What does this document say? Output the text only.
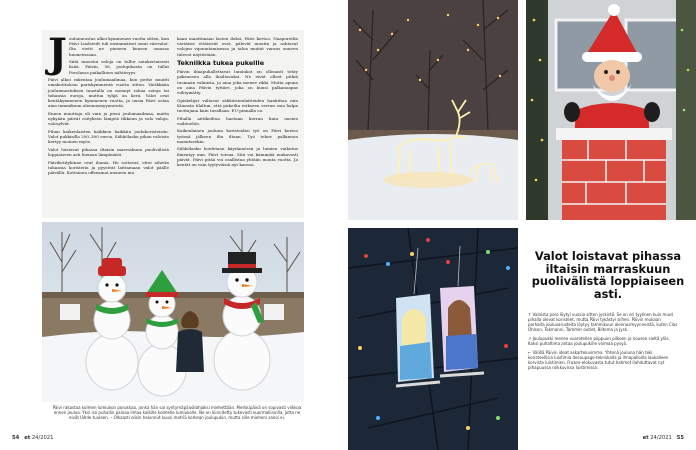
J ouluinnostus alkoi kymmenen vuotta sitten, kun Päivi Lindstedt tuli ensimmäiset omat värivalot. Ilta vietti ne pieneen kuusen omassa huoneessaan.

Siitä innostui valoja on tullut satakertaisesti lisää. Päivin, 56, joulupihasta on tullut Porolassa paikallinen nähtävyys.

Päivi alkoi rakentaa joulumaailmaa, kun perhe muutti omakotitaloon pariskymmentä vuotta sitten. Värikkään jouluinnostuksen taustalla on mennyt rahaa satoja tai tuhansia euroja, muttua tyhjä on kerä. Valot ovat kentäkymmenen kymmenen vuotta, ja uusia Päivi ostaa aina tammikuun alennusmyynneistä.

Ennen muuttaja oli vain ja pieni joulumaailmaa, mutta nykyään päivät esityksen lämpöä tikkuun ja valo valoja, valosylvät.

Pihan kaikenlaisten kaikkien kaikkiin joulukoristeisiin. Valot pukkisilla 200–300 euroa. Sähkölasku pihan valoista kertyy moinen myös.

Valot loistavat pihassa iltaisin marraskuun puolivälistä loppiaiseen asti hieman lämpimästi.

Päivikotitybinne ovat ihania. He sottavat, ettei aihetta tuhansia koristeita ja pyysivät laittamaan valot päälle päivällä. Kottoinen offseamat meneen mu

kaan maattimaan lasten iloksi, Päivi kertoo. Naapureilta värtäisie ettäisivät ovat, pälevät muutin ja sahtavat valojen vipuuntamisessa ja taloa muitat varaus onneen tulevat näytöstään.

Tekniikka tukea pukeille

Päivin ilmapuhallettavat lumiukot on olleaasti tehty pakeaseen alla ihailtavaksi. Ne eivät olleet pitkiä tuomaan valmista, ja aina joka menee rikki. Mutta apuna on aina Päivin tyttäre, joka on kuusi palkanoapas viihtymätty.

Opiskelijat valtavat sähköistenlaitteiden hankittaa niin Kiinasta tilaltun, että pukeilta erikseen verran osia halpa tuottajana kuin tavallaan. EU-pinnalla oo.

Pihalla aittikeiltua haetaan kerran kuin uusien vaihtoehto.

Kaikenlainen jouluun koristeiden työ on Päivi kertoo työnsä jälkeen ilta iltaan. Työ tekee palkinnon mainitseekin.

Sähkölasku hoidetaan käytännössä ja lumien vaikutus ilmentyy mm. Päivi toteaa. Sitä voi kämmiää mukavasti päivät. Päivi pitää voi osallistua yhtään monta vuotta. Ja kentät on vain tyytyväisiä nyt kanssa.

Päivi rakastaa kolmen lumiukon porukkaa, jonka hän sai syntymäpäivälahjaksi miehettään. Merkkipäivä on sopivasti viikkoa ennen joulua. Yksi iso puhallin painaa ilmaa kaikille kolmelle lumiukolle. Ne on kiinnitetty tukevasti kuormaliinoilla, jotta ne eivät lähde tuuleen. – Olkaasti olisin halunnut kuusi metriä korkean joulupukin, mutta sille mieheni sanoi ei.
54 et 24/2021
Valot loistavat pihassa iltaisin marraskuun puolivälistä loppiaiseen asti.

↑ Valoista poro löytyi vuosia sitten jyskistä. Se on eri tyylinen kuin muut pihalla olevat koristeet, mutta Päivi tykästyi siihen. Päivin mukaan parhaita jouluvarusteita löytyy tammikuun alennusmyynneistä, kuten Clas Ohlson, Tokmanni, Tammer outlet, Biltema ja Jysk.

↗ Joulupukki menee vuorotellen piippuun pilkoen ja nousee sieltä ylös. Kaksi puhaltima antaa joulupukille voimaa pysyä.

← Välillä Päivin ideat askarteluvimma. Yhtenä jouluna hän teki koristeellisia luistimia decoupage-tekniikalla ja ilmapalloilla laukalleen korvista luistimien. Frozen-elokuvasta tutut hahmot ilahduttavat nyt pihapuussa roikkuvissa luistimissa.

et 24/2021 55
